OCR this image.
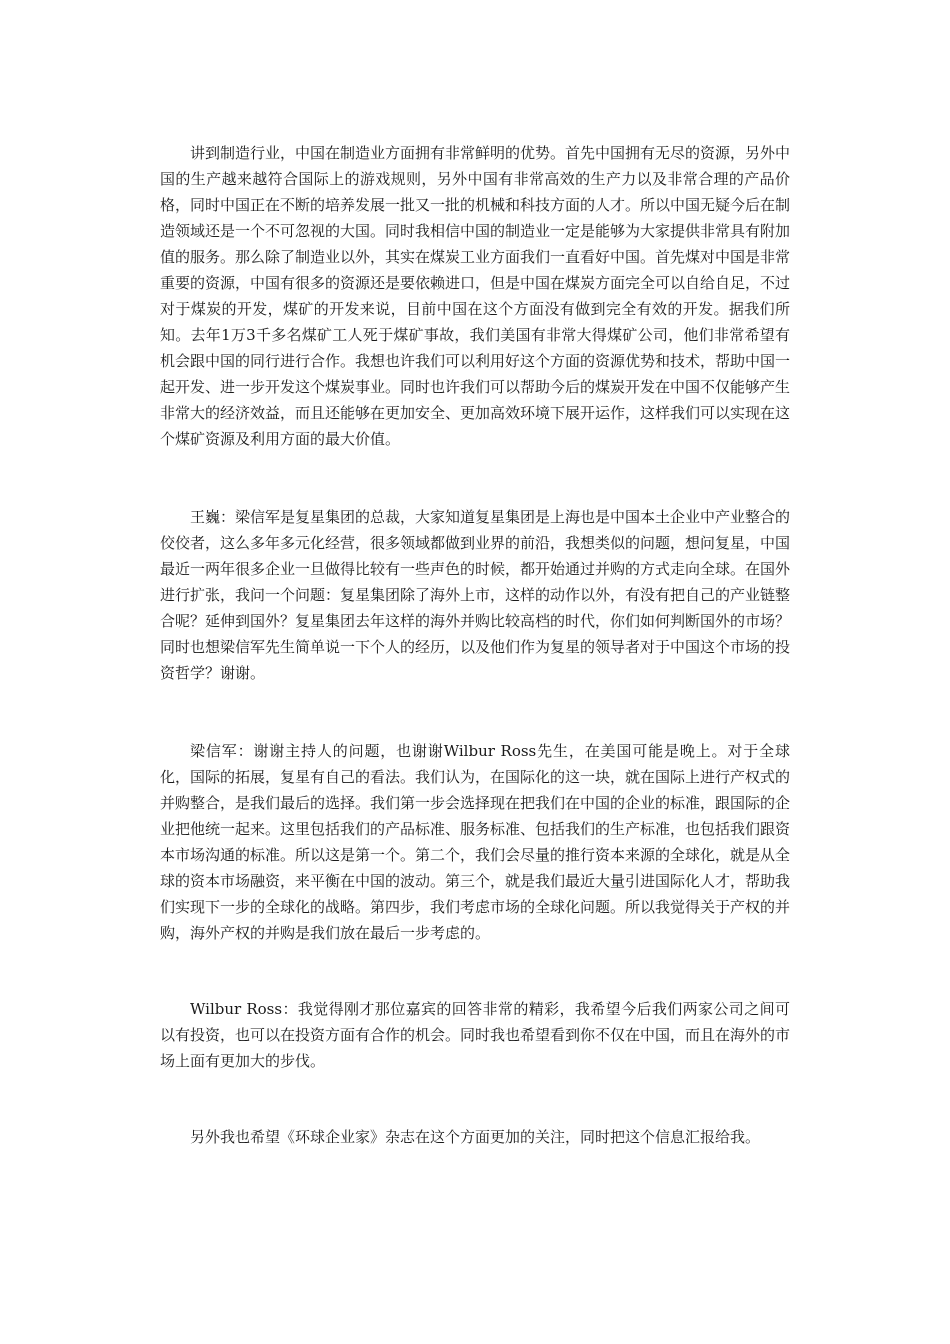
讲到制造行业，中国在制造业方面拥有非常鲜明的优势。首先中国拥有无尽的资源，另外中国的生产越来越符合国际上的游戏规则，另外中国有非常高效的生产力以及非常合理的产品价格，同时中国正在不断的培养发展一批又一批的机械和科技方面的人才。所以中国无疑今后在制造领域还是一个不可忽视的大国。同时我相信中国的制造业一定是能够为大家提供非常具有附加值的服务。那么除了制造业以外，其实在煤炭工业方面我们一直看好中国。首先煤对中国是非常重要的资源，中国有很多的资源还是要依赖进口，但是中国在煤炭方面完全可以自给自足，不过对于煤炭的开发，煤矿的开发来说，目前中国在这个方面没有做到完全有效的开发。据我们所知。去年1万3千多名煤矿工人死于煤矿事故，我们美国有非常大得煤矿公司，他们非常希望有机会跟中国的同行进行合作。我想也许我们可以利用好这个方面的资源优势和技术，帮助中国一起开发、进一步开发这个煤炭事业。同时也许我们可以帮助今后的煤炭开发在中国不仅能够产生非常大的经济效益，而且还能够在更加安全、更加高效环境下展开运作，这样我们可以实现在这个煤矿资源及利用方面的最大价值。

王巍：梁信军是复星集团的总裁，大家知道复星集团是上海也是中国本土企业中产业整合的佼佼者，这么多年多元化经营，很多领域都做到业界的前沿，我想类似的问题，想问复星，中国最近一两年很多企业一旦做得比较有一些声色的时候，都开始通过并购的方式走向全球。在国外进行扩张，我问一个问题：复星集团除了海外上市，这样的动作以外，有没有把自己的产业链整合呢？延伸到国外？复星集团去年这样的海外并购比较高档的时代，你们如何判断国外的市场？同时也想梁信军先生简单说一下个人的经历，以及他们作为复星的领导者对于中国这个市场的投资哲学？谢谢。

梁信军：谢谢主持人的问题，也谢谢Wilbur Ross先生，在美国可能是晚上。对于全球化，国际的拓展，复星有自己的看法。我们认为，在国际化的这一块，就在国际上进行产权式的并购整合，是我们最后的选择。我们第一步会选择现在把我们在中国的企业的标准，跟国际的企业把他统一起来。这里包括我们的产品标准、服务标准、包括我们的生产标准，也包括我们跟资本市场沟通的标准。所以这是第一个。第二个，我们会尽量的推行资本来源的全球化，就是从全球的资本市场融资，来平衡在中国的波动。第三个，就是我们最近大量引进国际化人才，帮助我们实现下一步的全球化的战略。第四步，我们考虑市场的全球化问题。所以我觉得关于产权的并购，海外产权的并购是我们放在最后一步考虑的。

Wilbur Ross：我觉得刚才那位嘉宾的回答非常的精彩，我希望今后我们两家公司之间可以有投资，也可以在投资方面有合作的机会。同时我也希望看到你不仅在中国，而且在海外的市场上面有更加大的步伐。

另外我也希望《环球企业家》杂志在这个方面更加的关注，同时把这个信息汇报给我。
